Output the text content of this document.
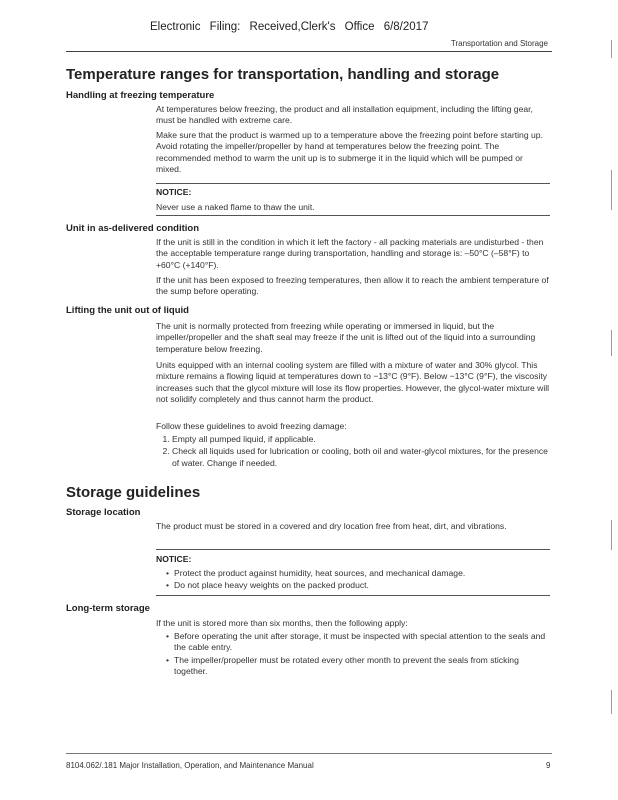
Electronic Filing: Received,Clerk's Office 6/8/2017
Transportation and Storage
Temperature ranges for transportation, handling and storage
Handling at freezing temperature

At temperatures below freezing, the product and all installation equipment, including the lifting gear, must be handled with extreme care.

Make sure that the product is warmed up to a temperature above the freezing point before starting up. Avoid rotating the impeller/propeller by hand at temperatures below the freezing point. The recommended method to warm the unit up is to submerge it in the liquid which will be pumped or mixed.

NOTICE:

Never use a naked flame to thaw the unit.

Unit in as-delivered condition

If the unit is still in the condition in which it left the factory - all packing materials are undisturbed - then the acceptable temperature range during transportation, handling and storage is: –50°C (–58°F) to +60°C (+140°F).

If the unit has been exposed to freezing temperatures, then allow it to reach the ambient temperature of the sump before operating.

Lifting the unit out of liquid

The unit is normally protected from freezing while operating or immersed in liquid, but the impeller/propeller and the shaft seal may freeze if the unit is lifted out of the liquid into a surrounding temperature below freezing.

Units equipped with an internal cooling system are filled with a mixture of water and 30% glycol. This mixture remains a flowing liquid at temperatures down to −13°C (9°F). Below −13°C (9°F), the viscosity increases such that the glycol mixture will lose its flow properties. However, the glycol-water mixture will not solidify completely and thus cannot harm the product.

Follow these guidelines to avoid freezing damage:

1. Empty all pumped liquid, if applicable.
2. Check all liquids used for lubrication or cooling, both oil and water-glycol mixtures, for the presence of water. Change if needed.
Storage guidelines
Storage location

The product must be stored in a covered and dry location free from heat, dirt, and vibrations.

NOTICE:

• Protect the product against humidity, heat sources, and mechanical damage.
• Do not place heavy weights on the packed product.
Long-term storage

If the unit is stored more than six months, then the following apply:

• Before operating the unit after storage, it must be inspected with special attention to the seals and the cable entry.
• The impeller/propeller must be rotated every other month to prevent the seals from sticking together.
8104.062/.181 Major Installation, Operation, and Maintenance Manual	9
